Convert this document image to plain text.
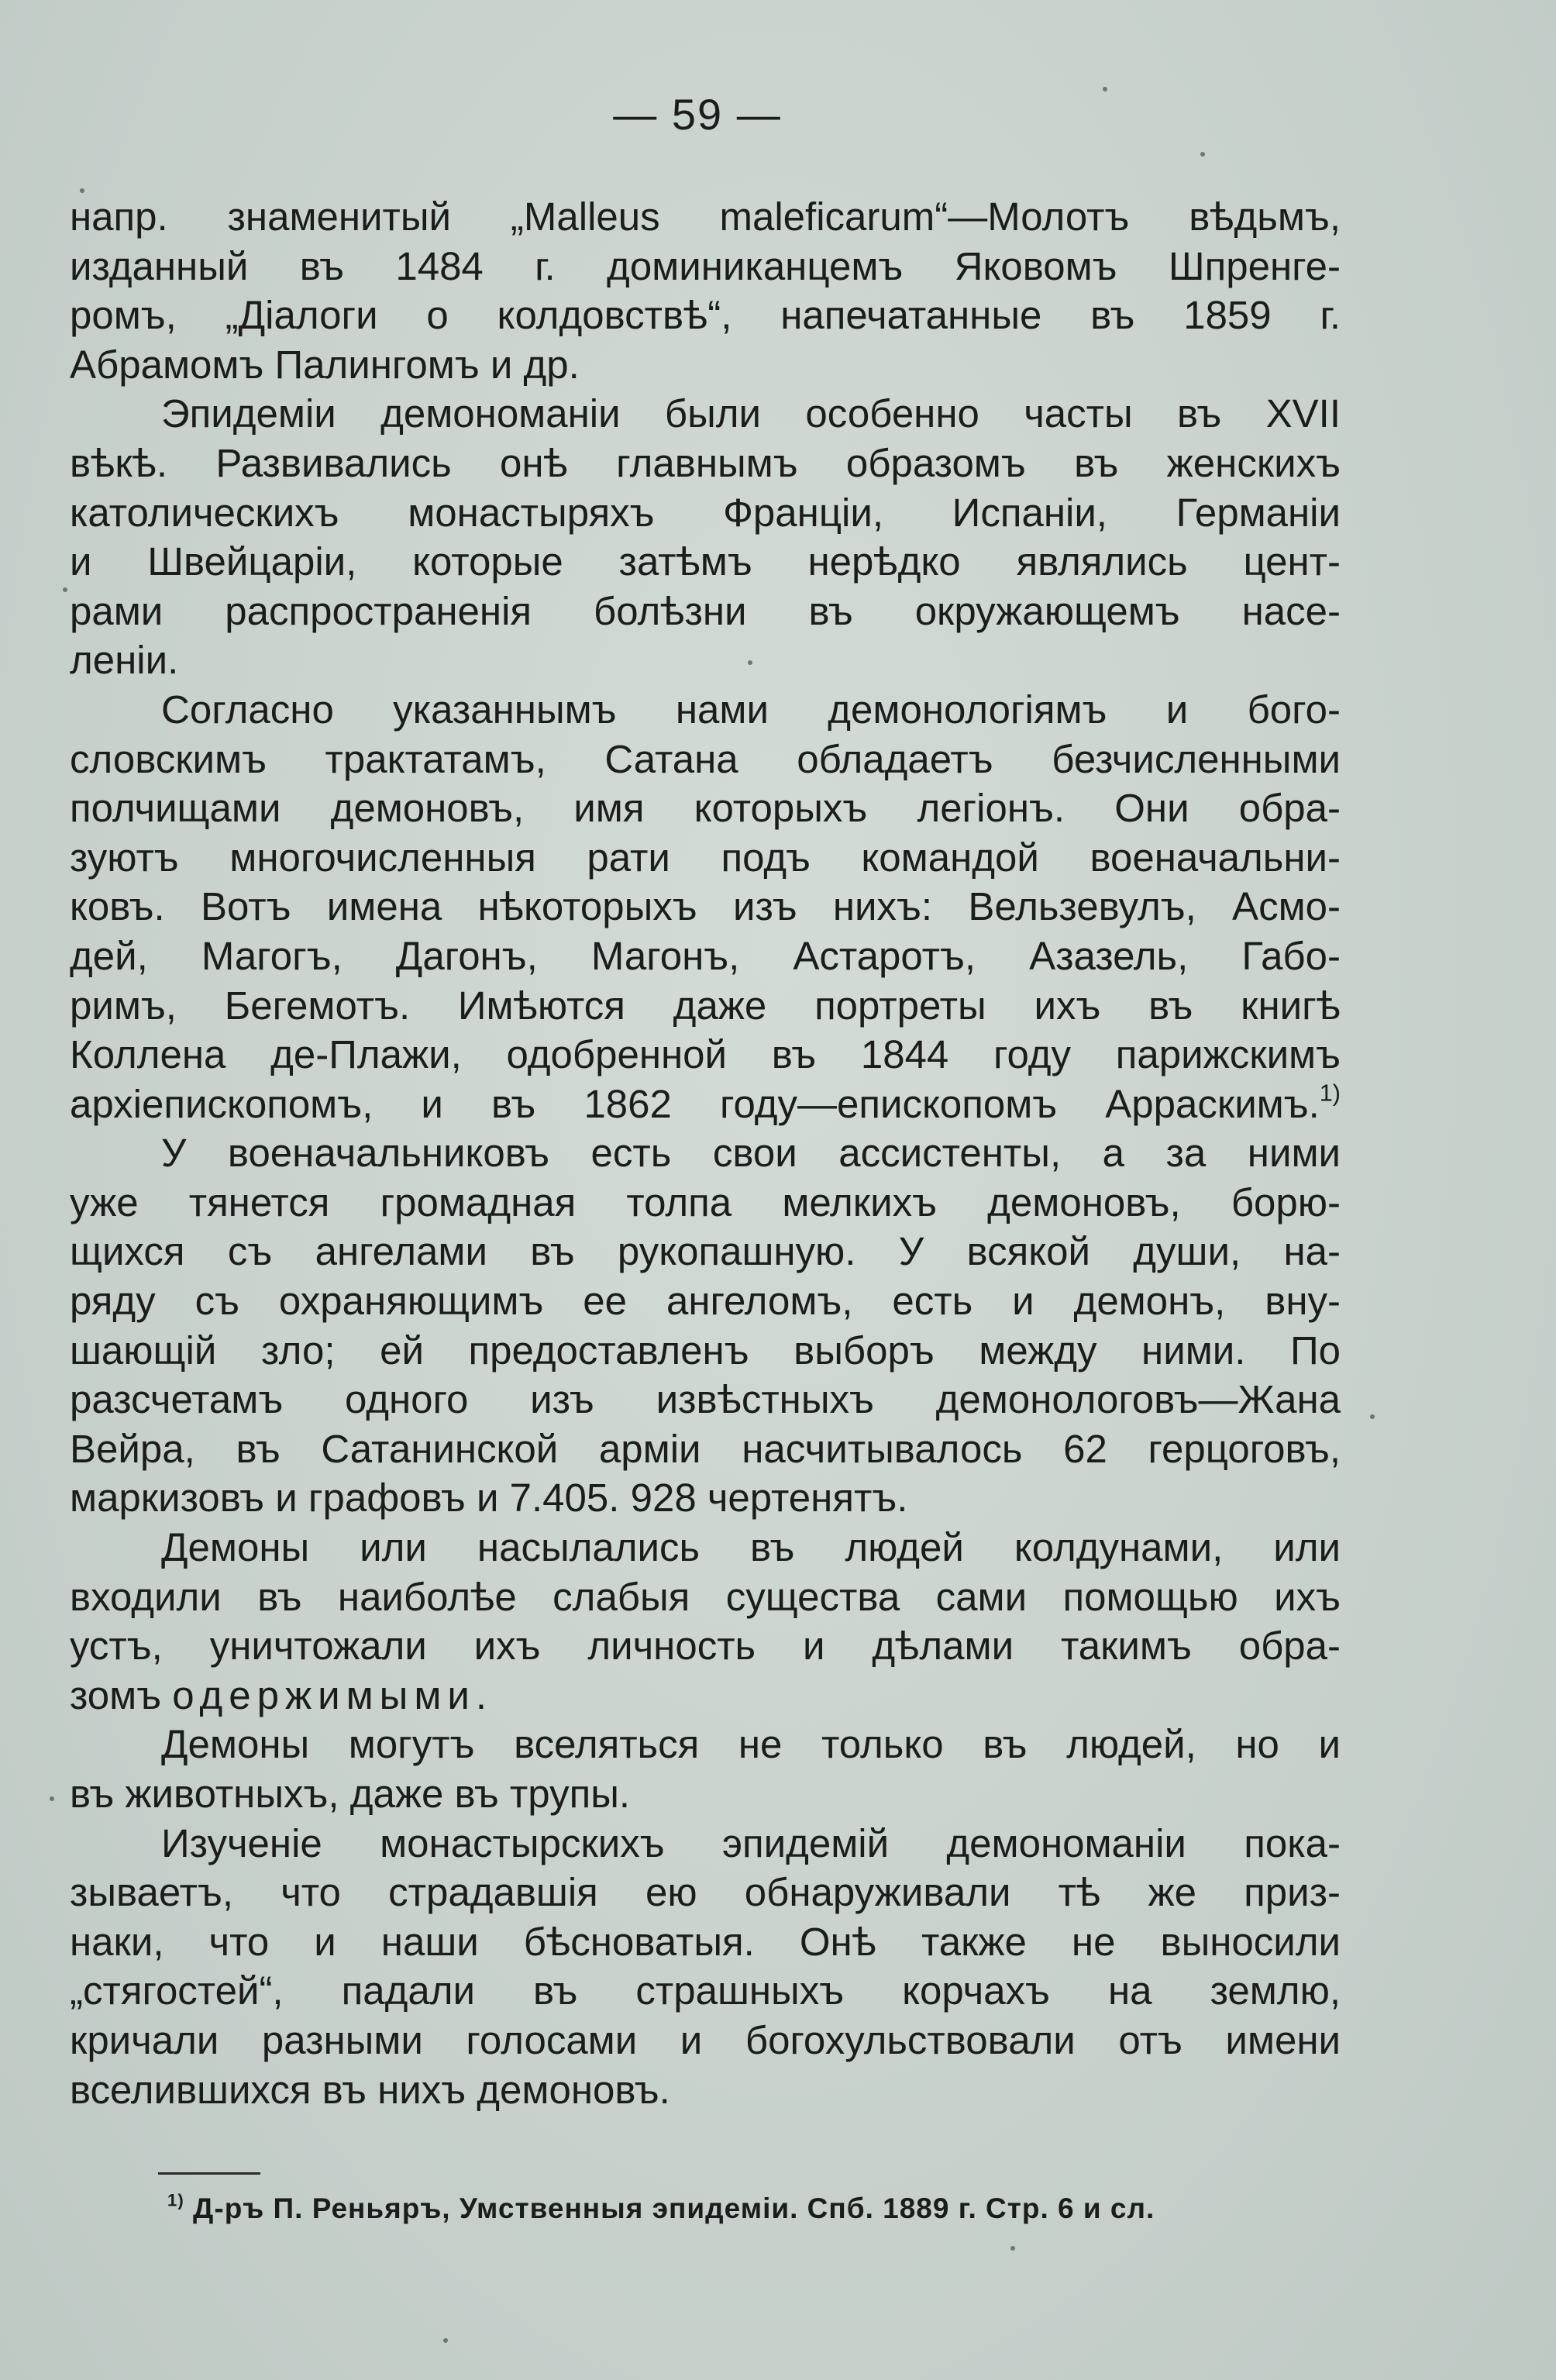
— 59 —
напр. знаменитый „Malleus maleficarum“—Молотъ вѣдьмъ,
изданный въ 1484 г. доминиканцемъ Яковомъ Шпренге-
ромъ, „Діалоги о колдовствѣ“, напечатанные въ 1859 г.
Абрамомъ Палингомъ и др.
Эпидеміи демономаніи были особенно часты въ XVII
вѣкѣ. Развивались онѣ главнымъ образомъ въ женскихъ
католическихъ монастыряхъ Франціи, Испаніи, Германіи
и Швейцаріи, которые затѣмъ нерѣдко являлись цент-
рами распространенія болѣзни въ окружающемъ насе-
леніи.
Согласно указаннымъ нами демонологіямъ и бого-
словскимъ трактатамъ, Сатана обладаетъ безчисленными
полчищами демоновъ, имя которыхъ легіонъ. Они обра-
зуютъ многочисленныя рати подъ командой военачальни-
ковъ. Вотъ имена нѣкоторыхъ изъ нихъ: Вельзевулъ, Асмо-
дей, Магогъ, Дагонъ, Магонъ, Астаротъ, Азазель, Габо-
римъ, Бегемотъ. Имѣются даже портреты ихъ въ книгѣ
Коллена де-Плажи, одобренной въ 1844 году парижскимъ
архіепископомъ, и въ 1862 году—епископомъ Арраскимъ.$^{1)}$
У военачальниковъ есть свои ассистенты, а за ними
уже тянется громадная толпа мелкихъ демоновъ, борю-
щихся съ ангелами въ рукопашную. У всякой души, на-
ряду съ охраняющимъ ее ангеломъ, есть и демонъ, вну-
шающій зло; ей предоставленъ выборъ между ними. По
разсчетамъ одного изъ извѣстныхъ демонологовъ—Жана
Вейра, въ Сатанинской арміи насчитывалось 62 герцоговъ,
маркизовъ и графовъ и 7.405. 928 чертенятъ.
Демоны или насылались въ людей колдунами, или
входили въ наиболѣе слабыя существа сами помощью ихъ
устъ, уничтожали ихъ личность и дѣлами такимъ обра-
зомъ одержимыми.
Демоны могутъ вселяться не только въ людей, но и
въ животныхъ, даже въ трупы.
Изученіе монастырскихъ эпидемій демономаніи пока-
зываетъ, что страдавшія ею обнаруживали тѣ же приз-
наки, что и наши бѣсноватыя. Онѣ также не выносили
„стягостей“, падали въ страшныхъ корчахъ на землю,
кричали разными голосами и богохульствовали отъ имени
вселившихся въ нихъ демоновъ.
$^{1)}$ Д-ръ П. Реньяръ, Умственныя эпидеміи. Спб. 1889 г. Стр. 6 и сл.
